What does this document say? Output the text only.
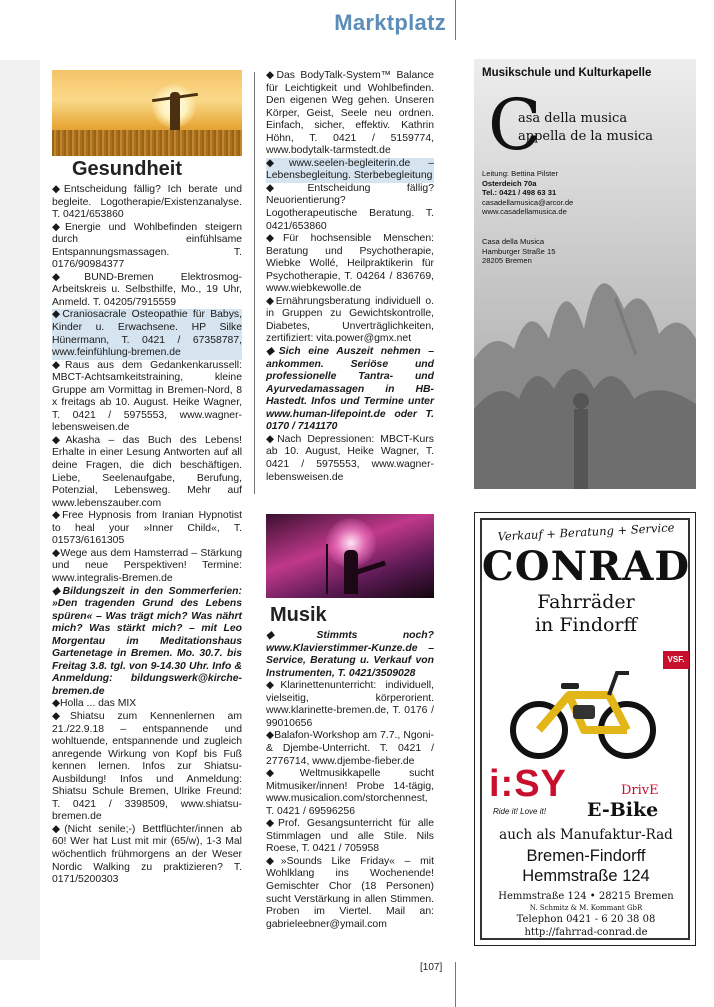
Marktplatz
Gesundheit

◆Entscheidung fällig? Ich berate und begleite. Logotherapie/Existenzanalyse. T. 0421/653860

◆Energie und Wohlbefinden steigern durch einfühlsame Entspannungsmassagen. T. 0176/90984377

◆BUND-Bremen Elektrosmog-Arbeitskreis u. Selbsthilfe, Mo., 19 Uhr, Anmeld. T. 04205/7915559

◆Craniosacrale Osteopathie für Babys, Kinder u. Erwachsene. HP Silke Hünermann, T. 0421 / 67358787, www.feinfühlung-bremen.de

◆Raus aus dem Gedankenkarussell: MBCT-Achtsamkeitstraining, kleine Gruppe am Vormittag in Bremen-Nord, 8 x freitags ab 10. August. Heike Wagner, T. 0421 / 5975553, www.wagner-lebensweisen.de

◆Akasha – das Buch des Lebens! Erhalte in einer Lesung Antworten auf all deine Fragen, die dich beschäftigen. Liebe, Seelenaufgabe, Berufung, Potenzial, Lebensweg. Mehr auf www.lebenszauber.com

◆Free Hypnosis from Iranian Hypnotist to heal your »Inner Child«, T. 01573/6161305

◆Wege aus dem Hamsterrad – Stärkung und neue Perspektiven! Termine: www.integralis-Bremen.de

◆Bildungszeit in den Sommerferien: »Den tragenden Grund des Lebens spüren« – Was trägt mich? Was nährt mich? Was stärkt mich? – mit Leo Morgentau im Meditationshaus Gartenetage in Bremen. Mo. 30.7. bis Freitag 3.8. tgl. von 9-14.30 Uhr. Info & Anmeldung: bildungswerk@kirche-bremen.de

◆Holla ... das MIX

◆Shiatsu zum Kennenlernen am 21./22.9.18 – entspannende und wohltuende, entspannende und zugleich anregende Wirkung von Kopf bis Fuß kennen lernen. Infos zur Shiatsu-Ausbildung! Infos und Anmeldung: Shiatsu Schule Bremen, Ulrike Freund: T. 0421 / 3398509, www.shiatsu-bremen.de

◆(Nicht senile;-) Bettflüchter/innen ab 60! Wer hat Lust mit mir (65/w), 1-3 Mal wöchentlich frühmorgens an der Weser Nordic Walking zu praktizieren? T. 0171/5200303

◆Das BodyTalk-System™ Balance für Leichtigkeit und Wohlbefinden. Den eigenen Weg gehen. Unseren Körper, Geist, Seele neu ordnen. Einfach, sicher, effektiv. Kathrin Höhn, T. 0421 / 5159774, www.bodytalk-tarmstedt.de

◆www.seelen-begleiterin.de – Lebensbegleitung. Sterbebegleitung

◆Entscheidung fällig? Neuorientierung? Logotherapeutische Beratung. T. 0421/653860

◆Für hochsensible Menschen: Beratung und Psychotherapie, Wiebke Wollé, Heilpraktikerin für Psychotherapie, T. 04264 / 836769, www.wiebkewolle.de

◆Ernährungsberatung individuell o. in Gruppen zu Gewichtskontrolle, Diabetes, Unverträglichkeiten, zertifiziert: vita.power@gmx.net

◆Sich eine Auszeit nehmen – ankommen. Seriöse und professionelle Tantra- und Ayurvedamassagen in HB-Hastedt. Infos und Termine unter www.human-lifepoint.de oder T. 0170 / 7141170

◆Nach Depressionen: MBCT-Kurs ab 10. August, Heike Wagner, T. 0421 / 5975553, www.wagner-lebensweisen.de

Musik

◆Stimmts noch? www.Klavierstimmer-Kunze.de – Service, Beratung u. Verkauf von Instrumenten, T. 0421/3509028

◆Klarinettenunterricht: individuell, vielseitig, körperorient. www.klarinette-bremen.de, T. 0176 / 99010656

◆Balafon-Workshop am 7.7., Ngoni- & Djembe-Unterricht. T. 0421 / 2776714, www.djembe-fieber.de

◆Weltmusikkapelle sucht Mitmusiker/innen! Probe 14-tägig, www.musicalion.com/storchennest, T. 0421 / 69596256

◆Prof. Gesangsunterricht für alle Stimmlagen und alle Stile. Nils Roese, T. 0421 / 705958

◆»Sounds Like Friday« – mit Wohlklang ins Wochenende! Gemischter Chor (18 Personen) sucht Verstärkung in allen Stimmen. Proben im Viertel. Mail an: gabrieleebner@ymail.com

Musikschule und Kulturkapelle
C
asa della musica
appella de la musica
Leitung: Bettina Pilster
Osterdeich 70a
Tel.: 0421 / 498 63 31
casadellamusica@arcor.de
www.casadellamusica.de
Casa della Musica
Hamburger Straße 15
28205 Bremen
Verkauf + Beratung + Service
CONRAD
Fahrräder
in Findorff
VSF.
i:SY	DrivE
Ride it! Love it! E-Bike
auch als Manufaktur-Rad
Bremen-Findorff
Hemmstraße 124
Hemmstraße 124 • 28215 Bremen
N. Schmitz & M. Kommant GbR
Telephon 0421 - 6 20 38 08
http://fahrrad-conrad.de
[107]
